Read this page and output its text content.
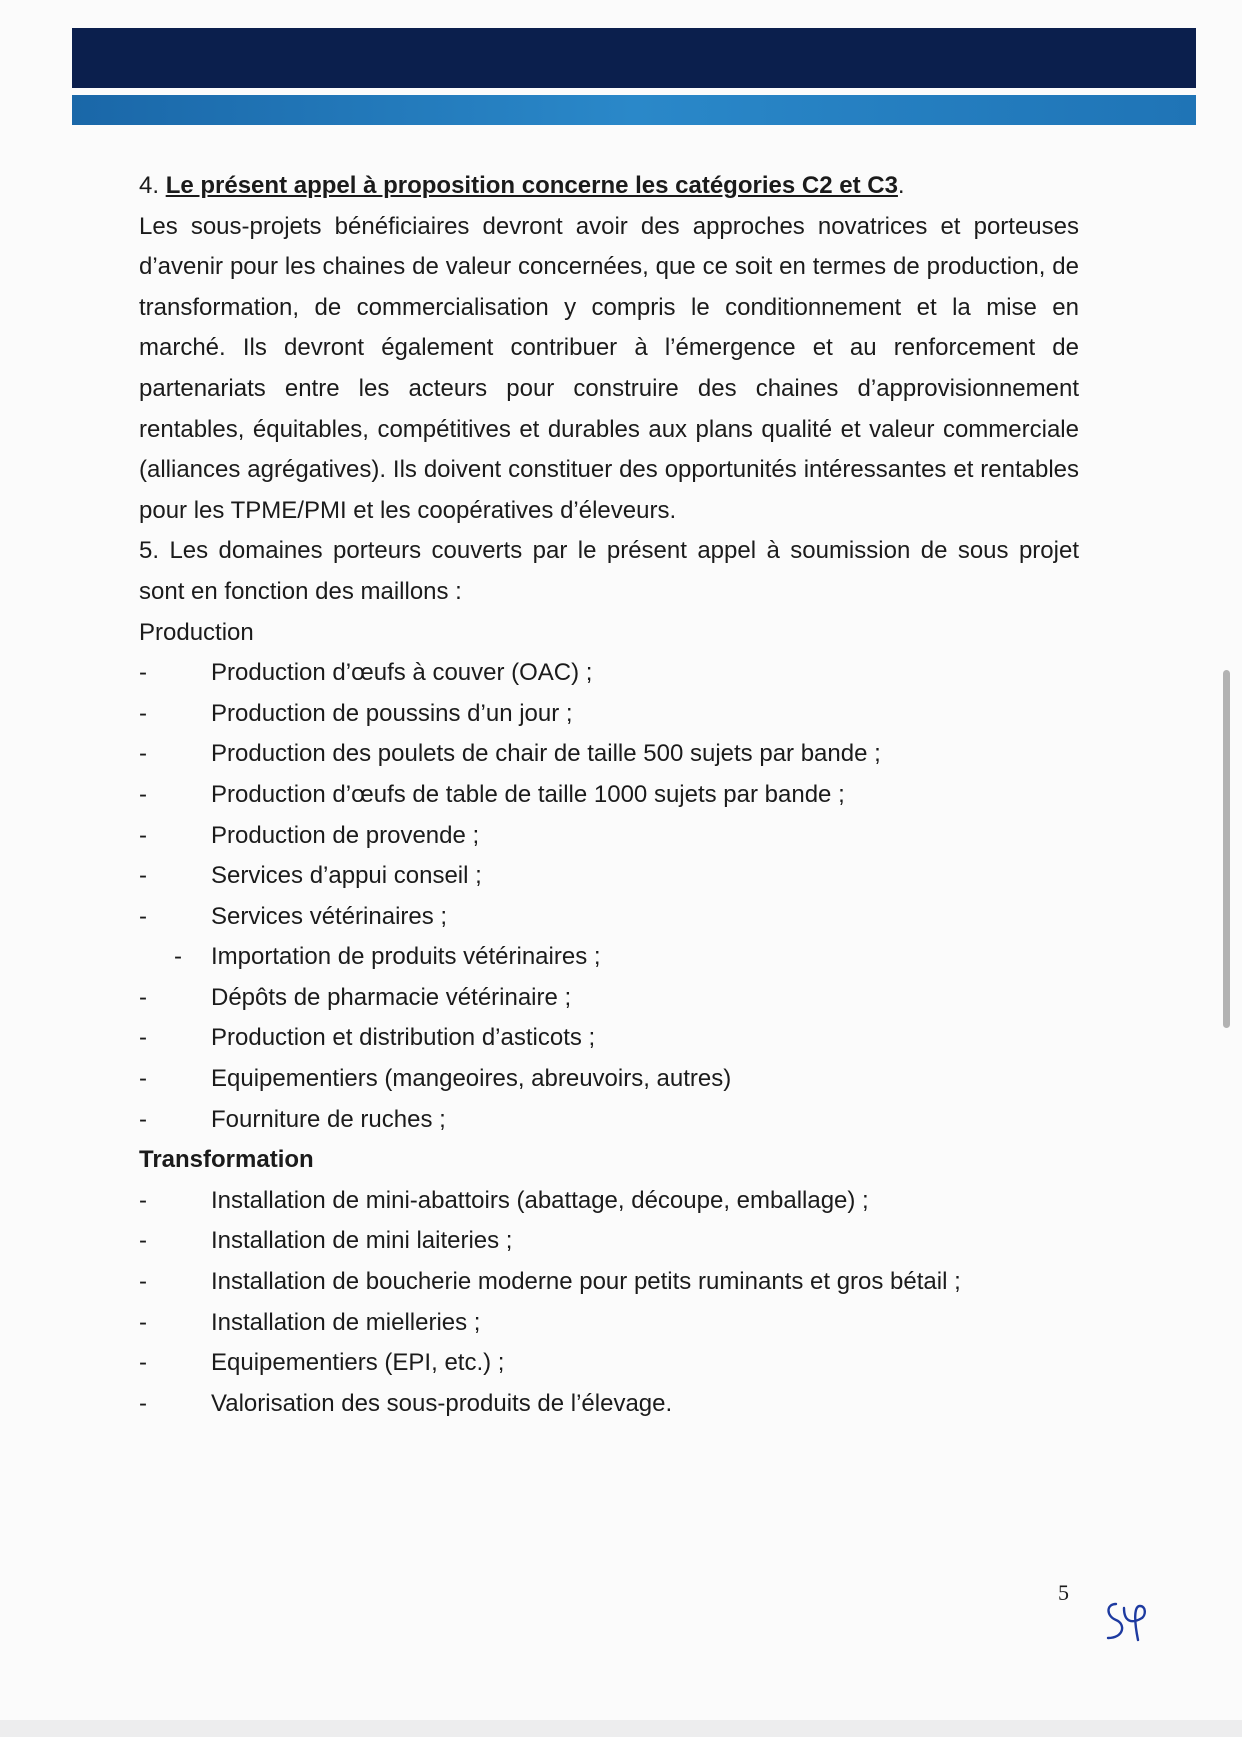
4. Le présent appel à proposition concerne les catégories C2 et C3.

Les sous-projets bénéficiaires devront avoir des approches novatrices et porteuses d’avenir pour les chaines de valeur concernées, que ce soit en termes de production, de transformation, de commercialisation y compris le conditionnement et la mise en marché. Ils devront également contribuer à l’émergence et au renforcement de partenariats entre les acteurs pour construire des chaines d’approvisionnement rentables, équitables, compétitives et durables aux plans qualité et valeur commerciale (alliances agrégatives). Ils doivent constituer des opportunités intéressantes et rentables pour les TPME/PMI et les coopératives d’éleveurs.

5. Les domaines porteurs couverts par le présent appel à soumission de sous projet sont en fonction des maillons :

Production

-	Production d’œufs à couver (OAC) ;
-	Production de poussins d’un jour ;
-	Production des poulets de chair de taille 500 sujets par bande ;
-	Production d’œufs de table de taille 1000 sujets par bande ;
-	Production de provende ;
-	Services d’appui conseil ;
-	Services vétérinaires ;
- Importation de produits vétérinaires ;
-	Dépôts de pharmacie vétérinaire ;
-	Production et distribution d’asticots ;
-	Equipementiers (mangeoires, abreuvoirs, autres)
-	Fourniture de ruches ;

Transformation

-	Installation de mini-abattoirs (abattage, découpe, emballage) ;
-	Installation de mini laiteries ;
-	Installation de boucherie moderne pour petits ruminants et gros bétail ;
-	Installation de mielleries ;
-	Equipementiers (EPI, etc.) ;
-	Valorisation des sous-produits de l’élevage.
5
